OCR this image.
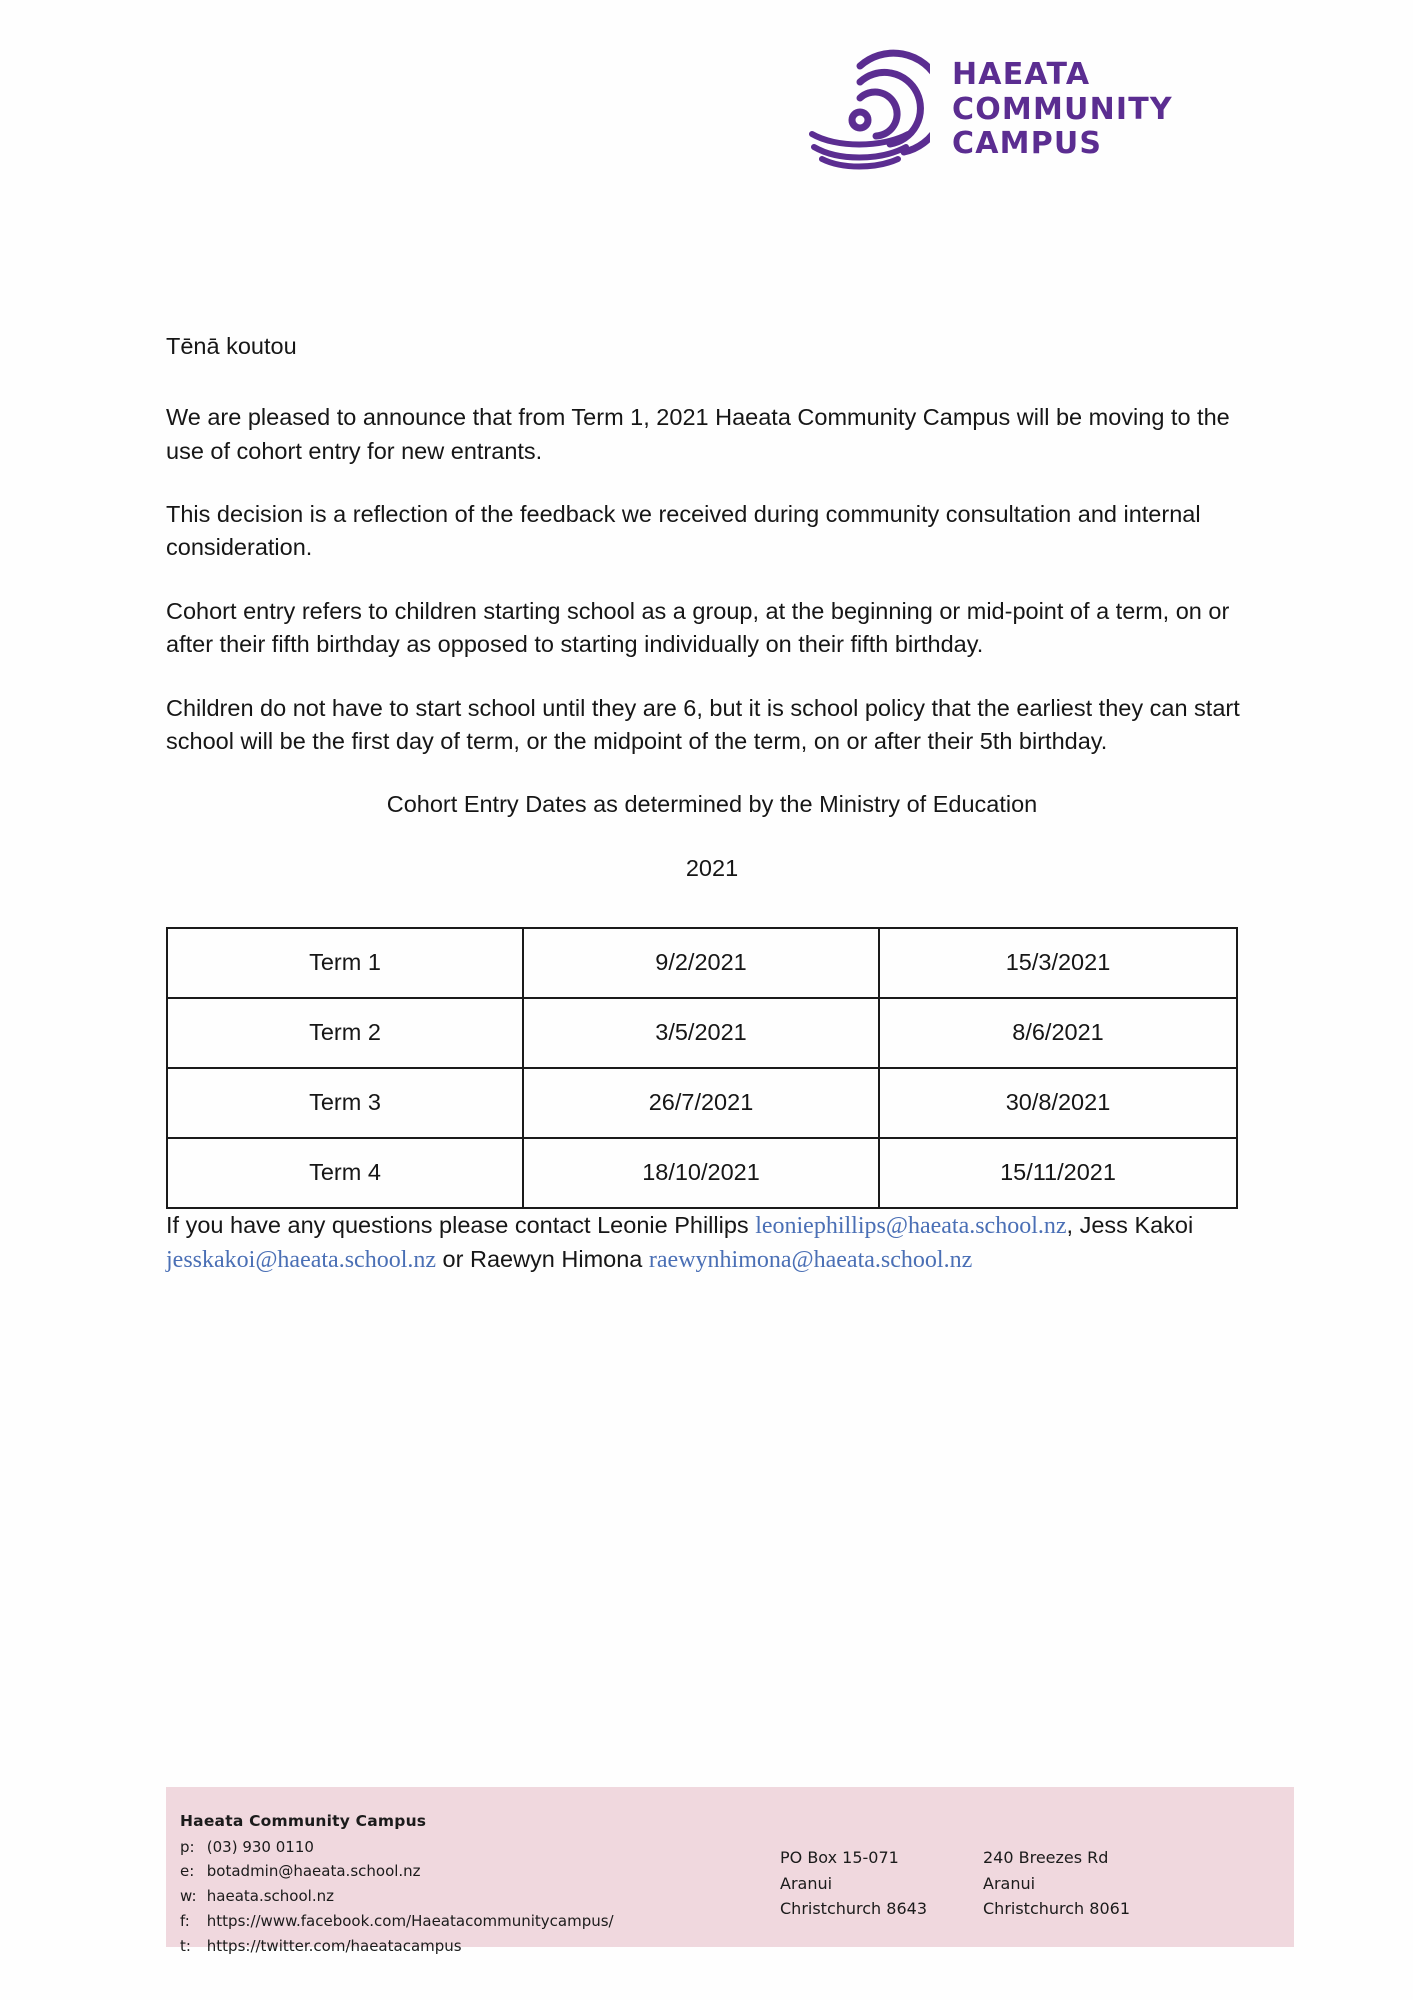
HAEATA
COMMUNITY
CAMPUS

Tēnā koutou

We are pleased to announce that from Term 1, 2021 Haeata Community Campus will be moving to the use of cohort entry for new entrants.

This decision is a reflection of the feedback we received during community consultation and internal consideration.

Cohort entry refers to children starting school as a group, at the beginning or mid-point of a term, on or after their fifth birthday as opposed to starting individually on their fifth birthday.

Children do not have to start school until they are 6, but it is school policy that the earliest they can start school will be the first day of term, or the midpoint of the term, on or after their 5th birthday.

Cohort Entry Dates as determined by the Ministry of Education

2021

Term 1	9/2/2021	15/3/2021
Term 2	3/5/2021	8/6/2021
Term 3	26/7/2021	30/8/2021
Term 4	18/10/2021	15/11/2021

If you have any questions please contact Leonie Phillips leoniephillips@haeata.school.nz, Jess Kakoi jesskakoi@haeata.school.nz or Raewyn Himona raewynhimona@haeata.school.nz

Haeata Community Campus
p: (03) 930 0110
e: botadmin@haeata.school.nz
w: haeata.school.nz
f: https://www.facebook.com/Haeatacommunitycampus/
t: https://twitter.com/haeatacampus
PO Box 15-071
Aranui
Christchurch 8643
240 Breezes Rd
Aranui
Christchurch 8061
